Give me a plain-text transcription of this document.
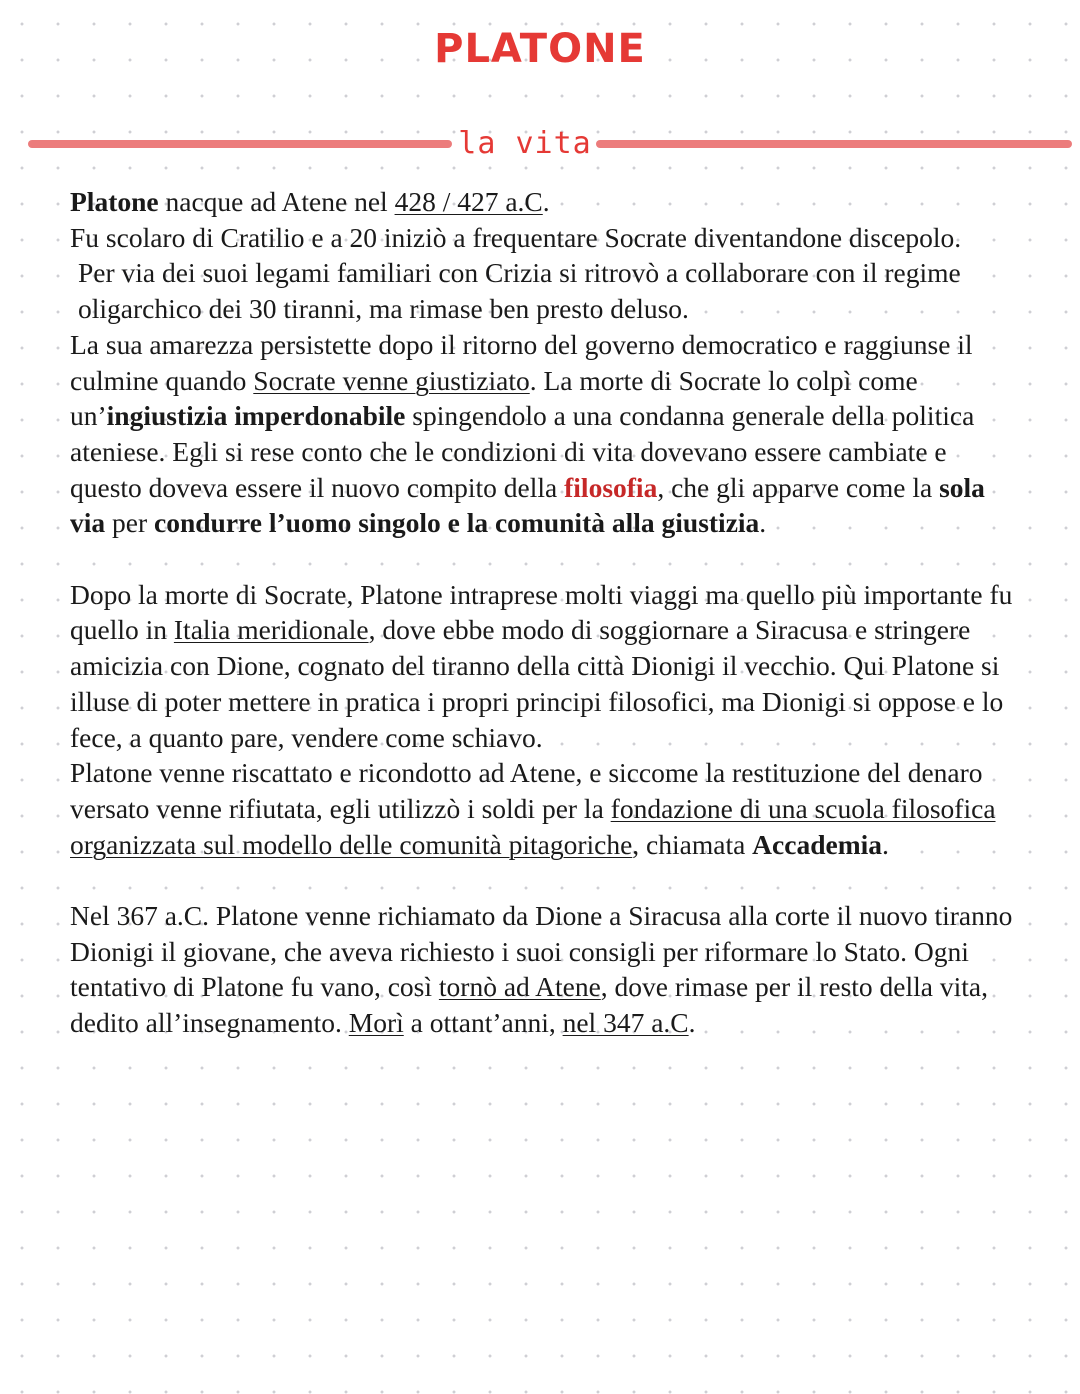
PLATONE
la vita

Platone nacque ad Atene nel 428 / 427 a.C.

Fu scolaro di Cratilio e a 20 iniziò a frequentare Socrate diventandone discepolo.

Per via dei suoi legami familiari con Crizia si ritrovò a collaborare con il regime oligarchico dei 30 tiranni, ma rimase ben presto deluso.

La sua amarezza persistette dopo il ritorno del governo democratico e raggiunse il culmine quando Socrate venne giustiziato. La morte di Socrate lo colpì come un’ingiustizia imperdonabile spingendolo a una condanna generale della politica ateniese. Egli si rese conto che le condizioni di vita dovevano essere cambiate e questo doveva essere il nuovo compito della filosofia, che gli apparve come la sola via per condurre l’uomo singolo e la comunità alla giustizia.

Dopo la morte di Socrate, Platone intraprese molti viaggi ma quello più importante fu quello in Italia meridionale, dove ebbe modo di soggiornare a Siracusa e stringere amicizia con Dione, cognato del tiranno della città Dionigi il vecchio. Qui Platone si illuse di poter mettere in pratica i propri principi filosofici, ma Dionigi si oppose e lo fece, a quanto pare, vendere come schiavo.

Platone venne riscattato e ricondotto ad Atene, e siccome la restituzione del denaro versato venne rifiutata, egli utilizzò i soldi per la fondazione di una scuola filosofica organizzata sul modello delle comunità pitagoriche, chiamata Accademia.

Nel 367 a.C. Platone venne richiamato da Dione a Siracusa alla corte il nuovo tiranno Dionigi il giovane, che aveva richiesto i suoi consigli per riformare lo Stato. Ogni tentativo di Platone fu vano, così tornò ad Atene, dove rimase per il resto della vita, dedito all’insegnamento. Morì a ottant’anni, nel 347 a.C.
